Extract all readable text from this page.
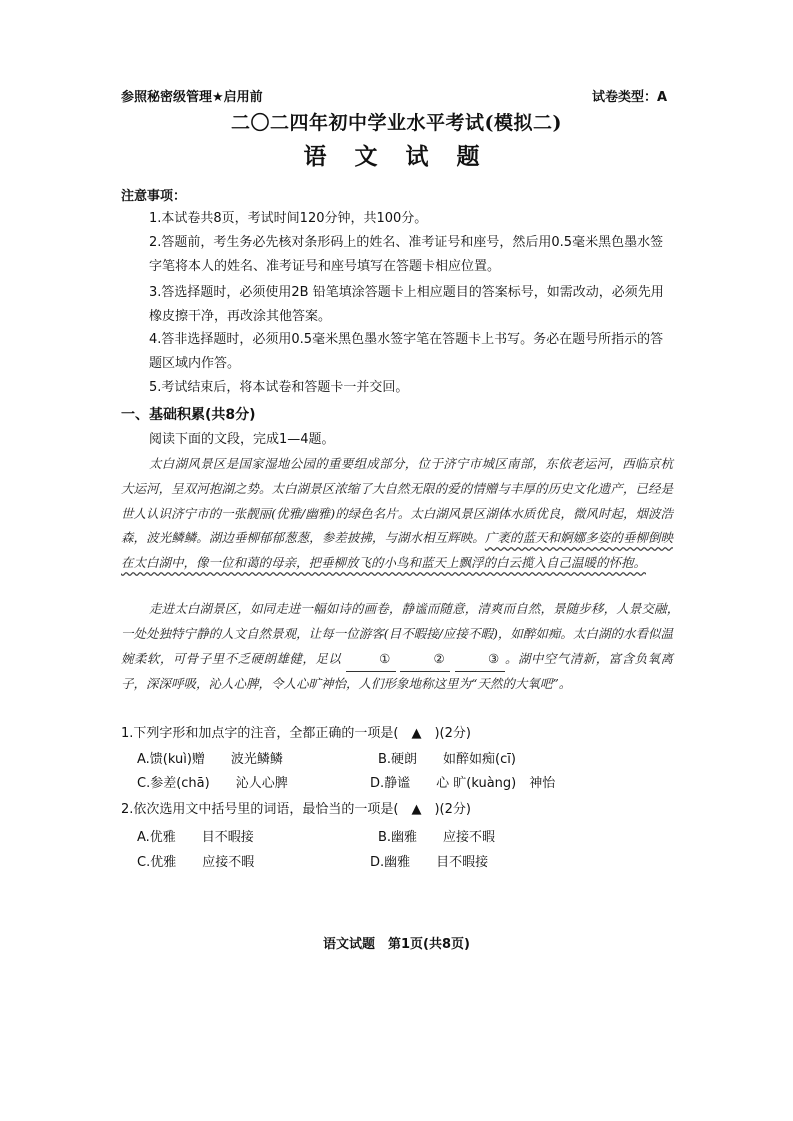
参照秘密级管理★启用前	试卷类型：A
二〇二四年初中学业水平考试(模拟二)
语 文 试 题
注意事项：
1.本试卷共8页，考试时间120分钟，共100分。
2.答题前，考生务必先核对条形码上的姓名、准考证号和座号，然后用0.5毫米黑色墨水签字笔将本人的姓名、准考证号和座号填写在答题卡相应位置。
3.答选择题时，必须使用2B 铅笔填涂答题卡上相应题目的答案标号，如需改动，必须先用橡皮擦干净，再改涂其他答案。
4.答非选择题时，必须用0.5毫米黑色墨水签字笔在答题卡上书写。务必在题号所指示的答题区域内作答。
5.考试结束后，将本试卷和答题卡一并交回。
一、基础积累(共8分)
阅读下面的文段，完成1—4题。
太白湖风景区是国家湿地公园的重要组成部分，位于济宁市城区南部，东依老运河，西临京杭大运河，呈双河抱湖之势。太白湖景区浓缩了大自然无限的爱的情赠与丰厚的历史文化遗产，已经是世人认识济宁市的一张靓丽(优雅/幽雅)的绿色名片。太白湖风景区湖体水质优良，微风时起，烟波浩森，波光鳞鳞。湖边垂柳郁郁葱葱，参差披拂，与湖水相互辉映。广袤的蓝天和婀娜多姿的垂柳倒映在太白湖中，像一位和蔼的母亲，把垂柳放飞的小鸟和蓝天上飘浮的白云揽入自己温暖的怀抱。
走进太白湖景区，如同走进一幅如诗的画卷，静谧而随意，清爽而自然，景随步移，人景交融，　一处处独特宁静的人文自然景观，让每一位游客(目不暇接/应接不暇)，如醉如痴。太白湖的水看似温婉柔软，可骨子里不乏硬朗雄健，足以	①	②	③ 。湖中空气清新，富含负氧离子，深深呼吸，沁人心脾，令人心旷神怡，人们形象地称这里为“天然的大氧吧”。
1.下列字形和加点字的注音，全都正确的一项是(　▲　)(2分)
A.馈(kuì)赠　　波光鳞鳞	B.硬朗　　如醉如痴(cī)
C.参差(chā)　　沁人心脾	D.静谧　　心 旷(kuàng)　神怡
2.依次选用文中括号里的词语，最恰当的一项是(　▲　)(2分)
A.优雅　　目不暇接	B.幽雅　　应接不暇
C.优雅　　应接不暇	D.幽雅　　目不暇接
语文试题　第1页(共8页)
